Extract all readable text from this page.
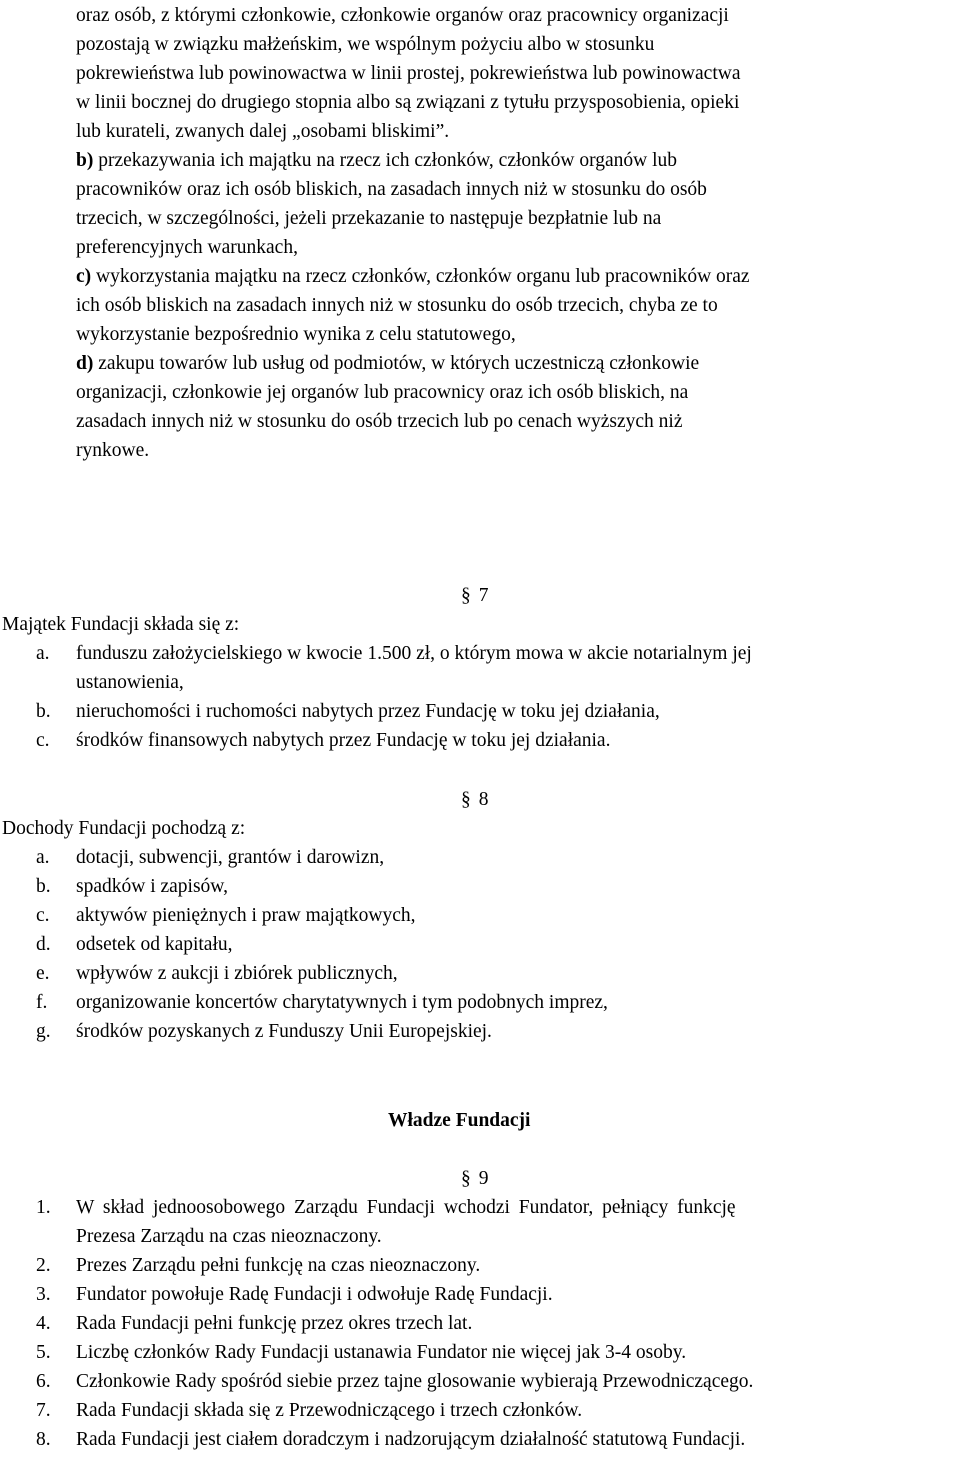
oraz osób, z którymi członkowie, członkowie organów oraz pracownicy organizacji
pozostają w związku małżeńskim, we wspólnym pożyciu albo w stosunku
pokrewieństwa lub powinowactwa w linii prostej, pokrewieństwa lub powinowactwa
w linii bocznej do drugiego stopnia albo są związani z tytułu przysposobienia, opieki
lub kurateli, zwanych dalej „osobami bliskimi”.
b) przekazywania ich majątku na rzecz ich członków, członków organów lub
pracowników oraz ich osób bliskich, na zasadach innych niż w stosunku do osób
trzecich, w szczególności, jeżeli przekazanie to następuje bezpłatnie lub na
preferencyjnych warunkach,
c) wykorzystania majątku na rzecz członków, członków organu lub pracowników oraz
ich osób bliskich na zasadach innych niż w stosunku do osób trzecich, chyba ze to
wykorzystanie bezpośrednio wynika z celu statutowego,
d) zakupu towarów lub usług od podmiotów, w których uczestniczą członkowie
organizacji, członkowie jej organów lub pracownicy oraz ich osób bliskich, na
zasadach innych niż w stosunku do osób trzecich lub po cenach wyższych niż
rynkowe.
§ 7
Majątek Fundacji składa się z:
a. funduszu założycielskiego w kwocie 1.500 zł, o którym mowa w akcie notarialnym jej
ustanowienia,
b. nieruchomości i ruchomości nabytych przez Fundację w toku jej działania,
c. środków finansowych nabytych przez Fundację w toku jej działania.
§ 8
Dochody Fundacji pochodzą z:
a. dotacji, subwencji, grantów i darowizn,
b. spadków i zapisów,
c. aktywów pieniężnych i praw majątkowych,
d. odsetek od kapitału,
e. wpływów z aukcji i zbiórek publicznych,
f. organizowanie koncertów charytatywnych i tym podobnych imprez,
g. środków pozyskanych z Funduszy Unii Europejskiej.
Władze Fundacji
§ 9
1. W skład jednoosobowego Zarządu Fundacji wchodzi Fundator, pełniący funkcję
Prezesa Zarządu na czas nieoznaczony.
2. Prezes Zarządu pełni funkcję na czas nieoznaczony.
3. Fundator powołuje Radę Fundacji i odwołuje Radę Fundacji.
4. Rada Fundacji pełni funkcję przez okres trzech lat.
5. Liczbę członków Rady Fundacji ustanawia Fundator nie więcej jak 3-4 osoby.
6. Członkowie Rady spośród siebie przez tajne glosowanie wybierają Przewodniczącego.
7. Rada Fundacji składa się z Przewodniczącego i trzech członków.
8. Rada Fundacji jest ciałem doradczym i nadzorującym działalność statutową Fundacji.
